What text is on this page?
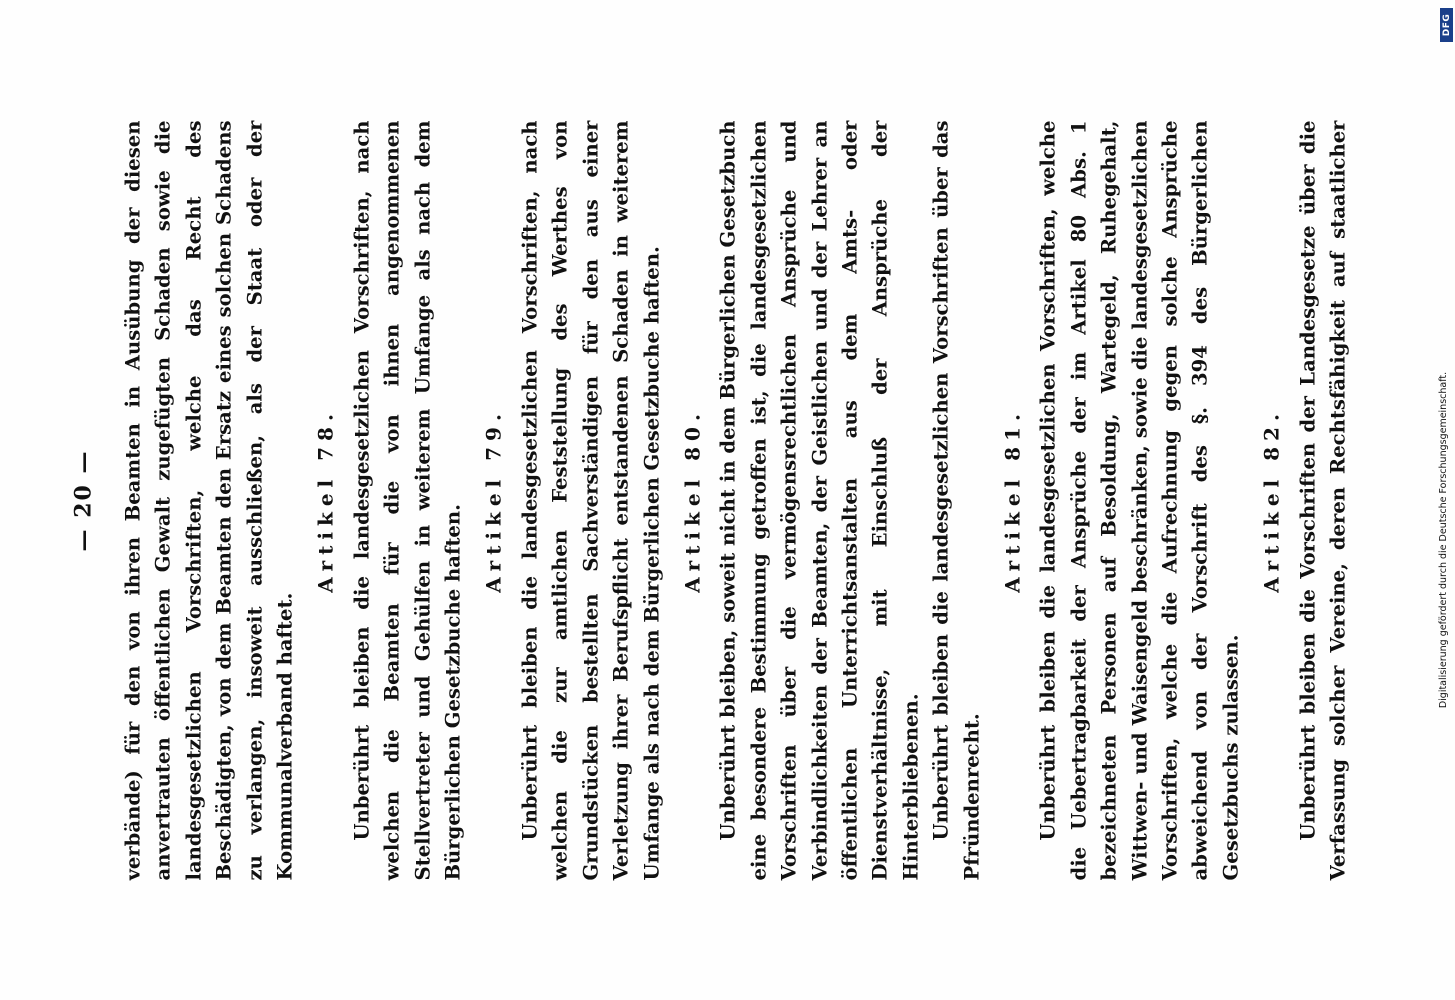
— 20 — verbände) für den von ihren Beamten in Ausübung der diesen anvertrauten öffentlichen Gewalt zugefügten Schaden sowie die landesgesetzlichen Vorschriften, welche das Recht des Beschädigten, von dem Beamten den Ersatz eines solchen Schadens zu verlangen, insoweit ausschließen, als der Staat oder der Kommunalverband haftet.

Artikel 78. Unberührt bleiben die landesgesetzlichen Vorschriften, nach welchen die Beamten für die von ihnen angenommenen Stellvertreter und Gehülfen in weiterem Umfange als nach dem Bürgerlichen Gesetzbuche haften.

Artikel 79. Unberührt bleiben die landesgesetzlichen Vorschriften, nach welchen die zur amtlichen Feststellung des Werthes von Grundstücken bestellten Sachverständigen für den aus einer Verletzung ihrer Berufspflicht entstandenen Schaden in weiterem Umfange als nach dem Bürgerlichen Gesetzbuche haften. Artikel 80. Unberührt bleiben, soweit nicht in dem Bürgerlichen Gesetzbuch eine besondere Bestimmung getroffen ist, die landesgesetzlichen Vorschriften über die vermögensrechtlichen Ansprüche und Verbindlichkeiten der Beamten, der Geistlichen und der Lehrer an öffentlichen Unterrichtsanstalten aus dem Amts- oder Dienstverhältnisse, mit Einschluß der Ansprüche der Hinterbliebenen. Unberührt bleiben die landesgesetzlichen Vorschriften über das Pfründenrecht.

Artikel 81. Unberührt bleiben die landesgesetzlichen Vorschriften, welche die Uebertragbarkeit der Ansprüche der im Artikel 80 Abs. 1 bezeichneten Personen auf Besoldung, Wartegeld, Ruhegehalt, Wittwen- und Waisengeld beschränken, sowie die landesgesetzlichen Vorschriften, welche die Aufrechnung gegen solche Ansprüche abweichend von der Vorschrift des §. 394 des Bürgerlichen Gesetzbuchs zulassen.

Artikel 82.

Unberührt bleiben die Vorschriften der Landesgesetze über die Verfassung solcher Vereine, deren Rechtsfähigkeit auf staatlicher

Digitalisierung gefördert durch die Deutsche Forschungsgemeinschaft.
DFG
